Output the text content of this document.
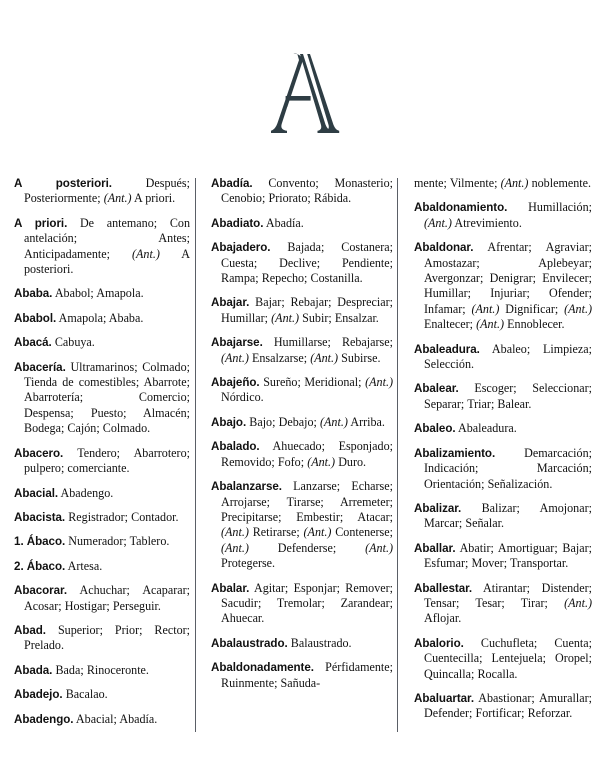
A posteriori.	Después; Posteriormente; (Ant.) A priori.

A priori. De antemano; Con antelación; Antes; Anticipadamente; (Ant.) A posteriori.

Ababa. Ababol; Amapola.

Ababol. Amapola; Ababa.

Abacá. Cabuya.

Abacería. Ultramarinos; Colmado; Tienda de comestibles; Abarrote; Abarrotería; Comercio; Despensa; Puesto; Almacén; Bodega; Cajón; Colmado.

Abacero. Tendero; Abarrotero; pulpero; comerciante.

Abacial. Abadengo.

Abacista. Registrador; Contador.

1. Ábaco. Numerador; Tablero.

2. Ábaco. Artesa.

Abacorar. Achuchar; Acaparar; Acosar; Hostigar; Perseguir.

Abad. Superior; Prior; Rector; Prelado.

Abada. Bada; Rinoceronte.

Abadejo. Bacalao.

Abadengo. Abacial; Abadía.

Abadía. Convento; Monasterio; Cenobio; Priorato; Rábida.

Abadiato. Abadía.

Abajadero. Bajada; Costanera; Cuesta; Declive; Pendiente; Rampa; Repecho; Costanilla.

Abajar. Bajar; Rebajar; Despreciar; Humillar; (Ant.) Subir; Ensalzar.

Abajarse. Humillarse; Rebajarse; (Ant.) Ensalzarse; (Ant.) Subirse.

Abajeño. Sureño; Meridional; (Ant.) Nórdico.

Abajo. Bajo; Debajo; (Ant.) Arriba.

Abalado. Ahuecado; Esponjado; Removido; Fofo; (Ant.) Duro.

Abalanzarse. Lanzarse; Echarse; Arrojarse; Tirarse; Arremeter; Precipitarse; Embestir; Atacar; (Ant.) Retirarse; (Ant.) Contenerse; (Ant.) Defenderse; (Ant.) Protegerse.

Abalar. Agitar; Esponjar; Remover; Sacudir; Tremolar; Zarandear; Ahuecar.

Abalaustrado. Balaustrado.

Abaldonadamente. Pérfidamente; Ruinmente; Sañuda-

mente; Vilmente; (Ant.) noblemente.

Abaldonamiento. Humillación; (Ant.) Atrevimiento.

Abaldonar. Afrentar; Agraviar; Amostazar; Aplebeyar; Avergonzar; Denigrar; Envilecer; Humillar; Injuriar; Ofender; Infamar; (Ant.) Dignificar; (Ant.) Enaltecer; (Ant.) Ennoblecer.

Abaleadura. Abaleo; Limpieza; Selección.

Abalear. Escoger; Seleccionar; Separar; Triar; Balear.

Abaleo. Abaleadura.

Abalizamiento. Demarcación; Indicación; Marcación; Orientación; Señalización.

Abalizar. Balizar; Amojonar; Marcar; Señalar.

Aballar. Abatir; Amortiguar; Bajar; Esfumar; Mover; Transportar.

Aballestar. Atirantar; Distender; Tensar; Tesar; Tirar; (Ant.) Aflojar.

Abalorio. Cuchufleta; Cuenta; Cuentecilla; Lentejuela; Oropel; Quincalla; Rocalla.

Abaluartar. Abastionar; Amurallar; Defender; Fortificar; Reforzar.
